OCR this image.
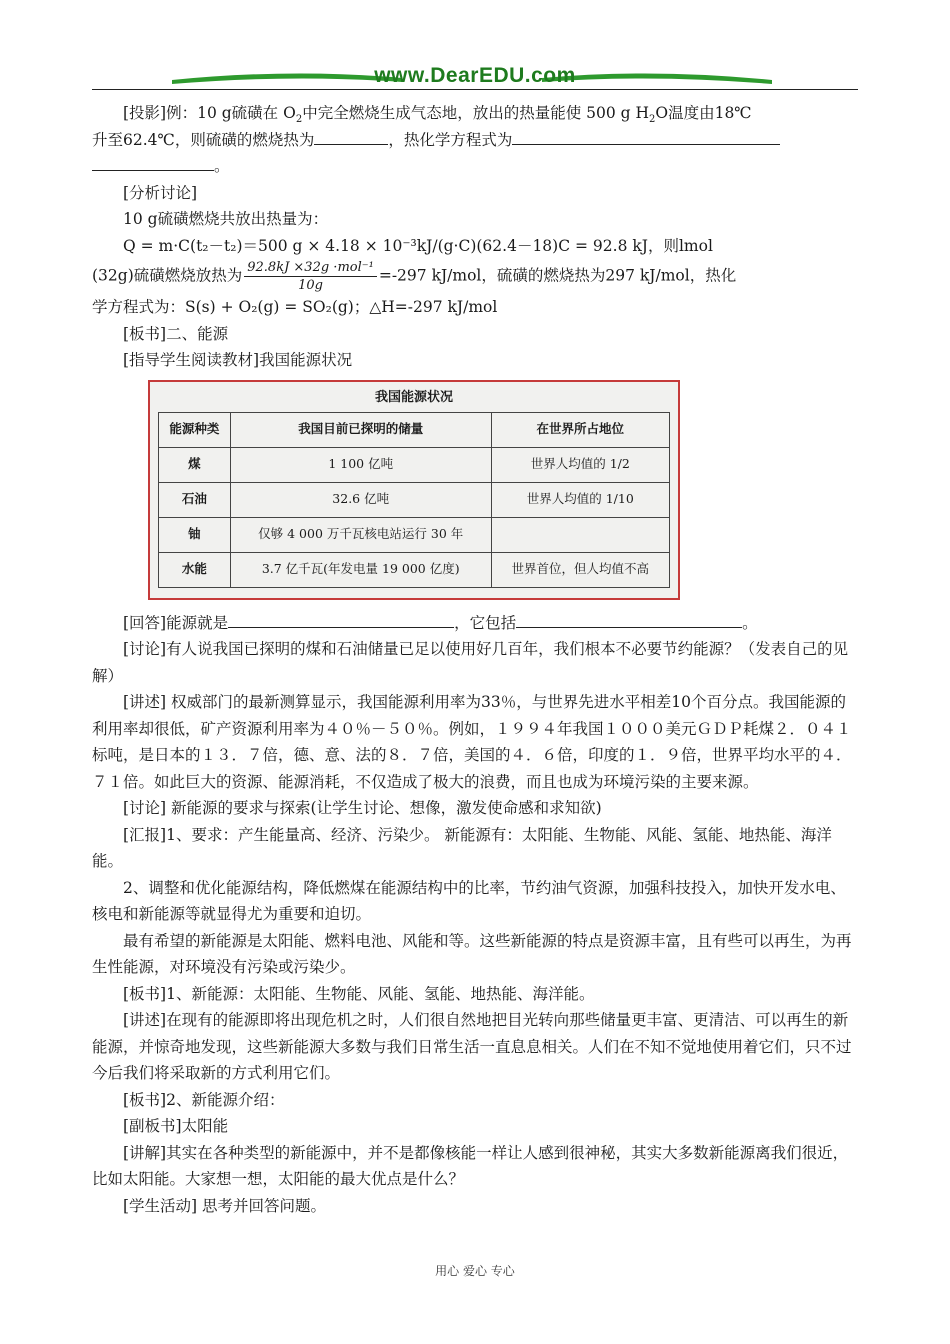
www.DearEDU.com

[投影]例：10 g硫磺在 $O_2$中完全燃烧生成气态地，放出的热量能使 500 g $H_2O$温度由18℃

升至62.4℃，则硫磺的燃烧热为	，热化学方程式为

。

[分析讨论]

10 g硫磺燃烧共放出热量为：

Q = m·C(t₂－t₂)＝500 g × 4.18 × 10⁻³kJ/(g·C)(62.4－18)C = 92.8 kJ，则lmol

(32g)硫磺燃烧放热为 $\frac{\text{92.8kJ ×32g ·mol⁻¹}}{10g} =-297$ kJ/mol，硫磺的燃烧热为297 kJ/mol，热化

学方程式为：S(s) + O₂(g) = SO₂(g)；△H=-297 kJ/mol

[板书]二、能源

[指导学生阅读教材]我国能源状况

我国能源状况
能源种类	我国目前已探明的储量	在世界所占地位
煤	1 100 亿吨	世界人均值的 1/2
石油	32.6 亿吨	世界人均值的 1/10
铀	仅够 4 000 万千瓦核电站运行 30 年	
水能	3.7 亿千瓦(年发电量 19 000 亿度)	世界首位，但人均值不高

[回答]能源就是	，它包括	。

[讨论]有人说我国已探明的煤和石油储量已足以使用好几百年，我们根本不必要节约能源？（发表自己的见解）

[讲述] 权威部门的最新测算显示，我国能源利用率为33％，与世界先进水平相差10个百分点。我国能源的利用率却很低，矿产资源利用率为４０％－５０％。例如，１９９４年我国１０００美元ＧＤＰ耗煤２．０４１标吨，是日本的１３．７倍，德、意、法的８．７倍，美国的４．６倍，印度的１．９倍，世界平均水平的４．７１倍。如此巨大的资源、能源消耗，不仅造成了极大的浪费，而且也成为环境污染的主要来源。

[讨论] 新能源的要求与探索(让学生讨论、想像，激发使命感和求知欲)

[汇报]1、要求：产生能量高、经济、污染少。 新能源有：太阳能、生物能、风能、氢能、地热能、海洋能。

2、调整和优化能源结构，降低燃煤在能源结构中的比率，节约油气资源，加强科技投入，加快开发水电、核电和新能源等就显得尤为重要和迫切。

最有希望的新能源是太阳能、燃料电池、风能和等。这些新能源的特点是资源丰富，且有些可以再生，为再生性能源，对环境没有污染或污染少。

[板书]1、新能源：太阳能、生物能、风能、氢能、地热能、海洋能。

[讲述]在现有的能源即将出现危机之时，人们很自然地把目光转向那些储量更丰富、更清洁、可以再生的新能源，并惊奇地发现，这些新能源大多数与我们日常生活一直息息相关。人们在不知不觉地使用着它们，只不过今后我们将采取新的方式利用它们。

[板书]2、新能源介绍：

[副板书]太阳能

[讲解]其实在各种类型的新能源中，并不是都像核能一样让人感到很神秘，其实大多数新能源离我们很近，比如太阳能。大家想一想，太阳能的最大优点是什么？

[学生活动] 思考并回答问题。

用心 爱心 专心
